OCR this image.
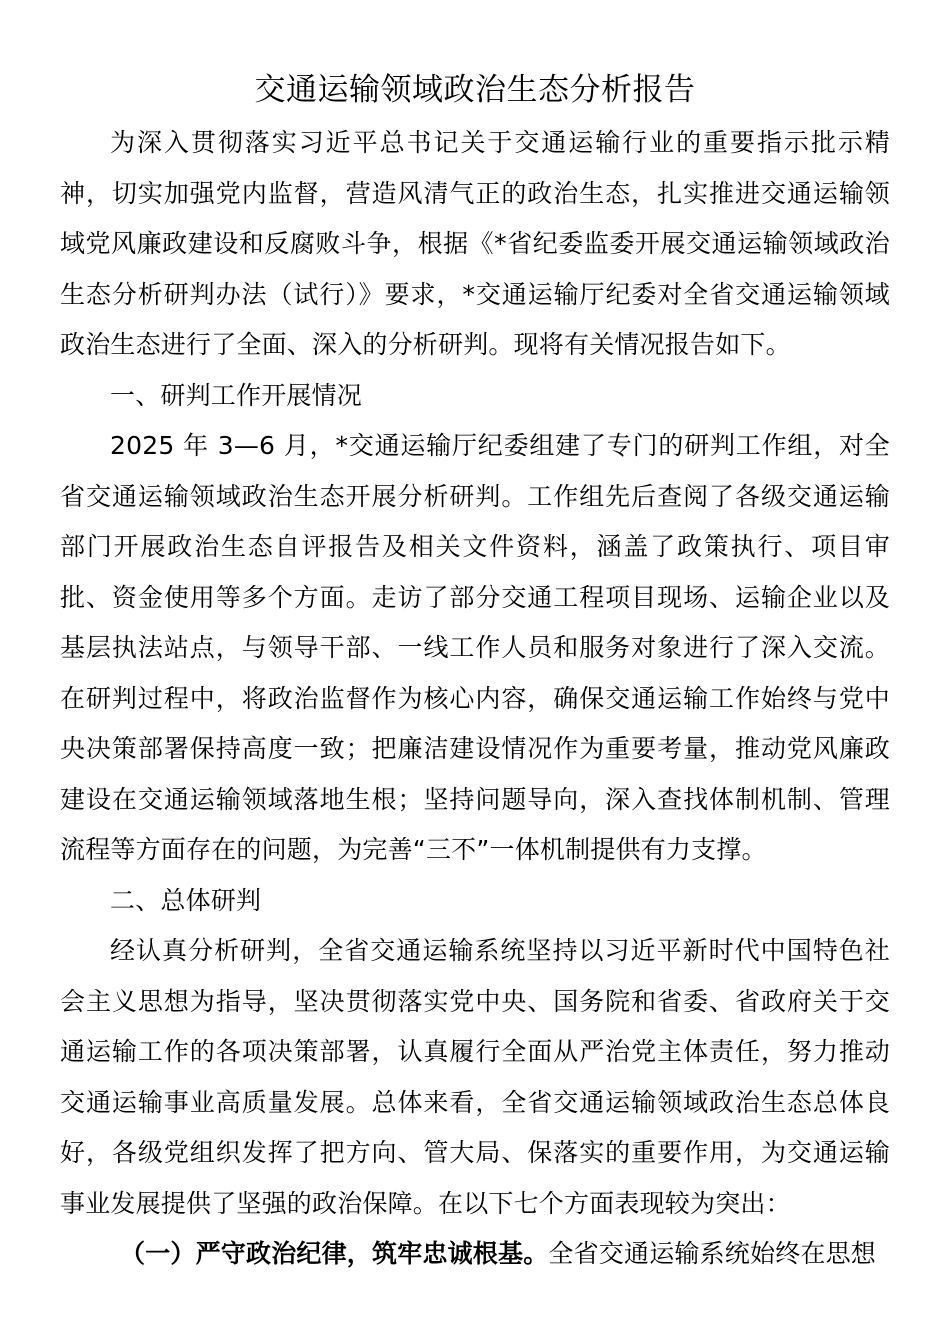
交通运输领域政治生态分析报告

为深入贯彻落实习近平总书记关于交通运输行业的重要指示批示精神，切实加强党内监督，营造风清气正的政治生态，扎实推进交通运输领域党风廉政建设和反腐败斗争，根据《*省纪委监委开展交通运输领域政治生态分析研判办法（试行）》要求，*交通运输厅纪委对全省交通运输领域政治生态进行了全面、深入的分析研判。现将有关情况报告如下。

一、研判工作开展情况

2025 年 3—6 月，*交通运输厅纪委组建了专门的研判工作组，对全省交通运输领域政治生态开展分析研判。工作组先后查阅了各级交通运输部门开展政治生态自评报告及相关文件资料，涵盖了政策执行、项目审批、资金使用等多个方面。走访了部分交通工程项目现场、运输企业以及基层执法站点，与领导干部、一线工作人员和服务对象进行了深入交流。在研判过程中，将政治监督作为核心内容，确保交通运输工作始终与党中央决策部署保持高度一致；把廉洁建设情况作为重要考量，推动党风廉政建设在交通运输领域落地生根；坚持问题导向，深入查找体制机制、管理流程等方面存在的问题，为完善“三不”一体机制提供有力支撑。

二、总体研判

经认真分析研判，全省交通运输系统坚持以习近平新时代中国特色社会主义思想为指导，坚决贯彻落实党中央、国务院和省委、省政府关于交通运输工作的各项决策部署，认真履行全面从严治党主体责任，努力推动交通运输事业高质量发展。总体来看，全省交通运输领域政治生态总体良好，各级党组织发挥了把方向、管大局、保落实的重要作用，为交通运输事业发展提供了坚强的政治保障。在以下七个方面表现较为突出：

（一）严守政治纪律，筑牢忠诚根基。全省交通运输系统始终在思想
